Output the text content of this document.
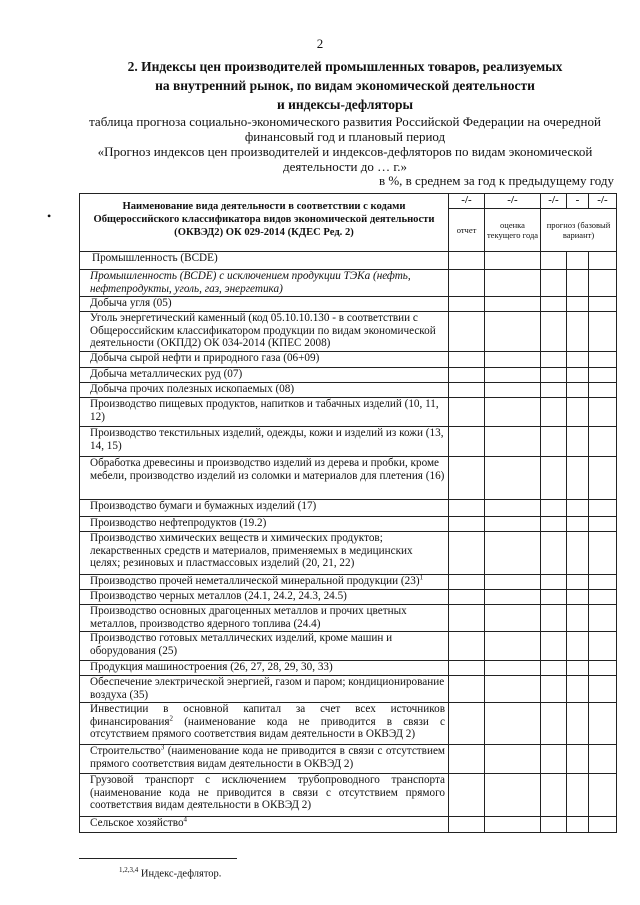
2
2. Индексы цен производителей промышленных товаров, реализуемых
на внутренний рынок, по видам экономической деятельности
и индексы-дефляторы
таблица прогноза социально-экономического развития Российской Федерации на очередной
финансовый год и плановый период
«Прогноз индексов цен производителей и индексов-дефляторов по видам экономической
деятельности до … г.»
в %, в среднем за год к предыдущему году
•
Наименование вида деятельности в соответствии с кодами Общероссийского классификатора видов экономической деятельности (ОКВЭД2) ОК 029-2014 (КДЕС Ред. 2)	-/-	-/-	-/-	-	-/-
	отчет	оценка текущего года	прогноз (базовый вариант)		
Промышленность (BCDE)					
Промышленность (BCDE) с исключением продукции ТЭКа (нефть, нефтепродукты, уголь, газ, энергетика)					
Добыча угля (05)					
Уголь энергетический каменный (код 05.10.10.130 - в соответствии с Общероссийским классификатором продукции по видам экономической деятельности (ОКПД2) ОК 034-2014 (КПЕС 2008)					
Добыча сырой нефти и природного газа (06+09)					
Добыча металлических руд (07)					
Добыча прочих полезных ископаемых (08)					
Производство пищевых продуктов, напитков и табачных изделий (10, 11, 12)					
Производство текстильных изделий, одежды, кожи и изделий из кожи (13, 14, 15)					
Обработка древесины и производство изделий из дерева и пробки, кроме мебели, производство изделий из соломки и материалов для плетения (16)					
Производство бумаги и бумажных изделий (17)					
Производство нефтепродуктов (19.2)					
Производство химических веществ и химических продуктов; лекарственных средств и материалов, применяемых в медицинских целях; резиновых и пластмассовых изделий (20, 21, 22)					
Производство прочей неметаллической минеральной продукции $(23)^1$					
Производство черных металлов (24.1, 24.2, 24.3, 24.5)					
Производство основных драгоценных металлов и прочих цветных металлов, производство ядерного топлива (24.4)					
Производство готовых металлических изделий, кроме машин и оборудования (25)					
Продукция машиностроения (26, 27, 28, 29, 30, 33)					
Обеспечение электрической энергией, газом и паром; кондиционирование воздуха (35)					
Инвестиции в основной капитал за счет всех источников финансирования$^2$ (наименование кода не приводится в связи с отсутствием прямого соответствия видам деятельности в ОКВЭД 2)					
Строительство$^3$ (наименование кода не приводится в связи с отсутствием прямого соответствия видам деятельности в ОКВЭД 2)					
Грузовой транспорт с исключением трубопроводного транспорта (наименование кода не приводится в связи с отсутствием прямого соответствия видам деятельности в ОКВЭД 2)					
Сельское хозяйство$^4$					
$^{1,2,3,4}$ Индекс-дефлятор.
